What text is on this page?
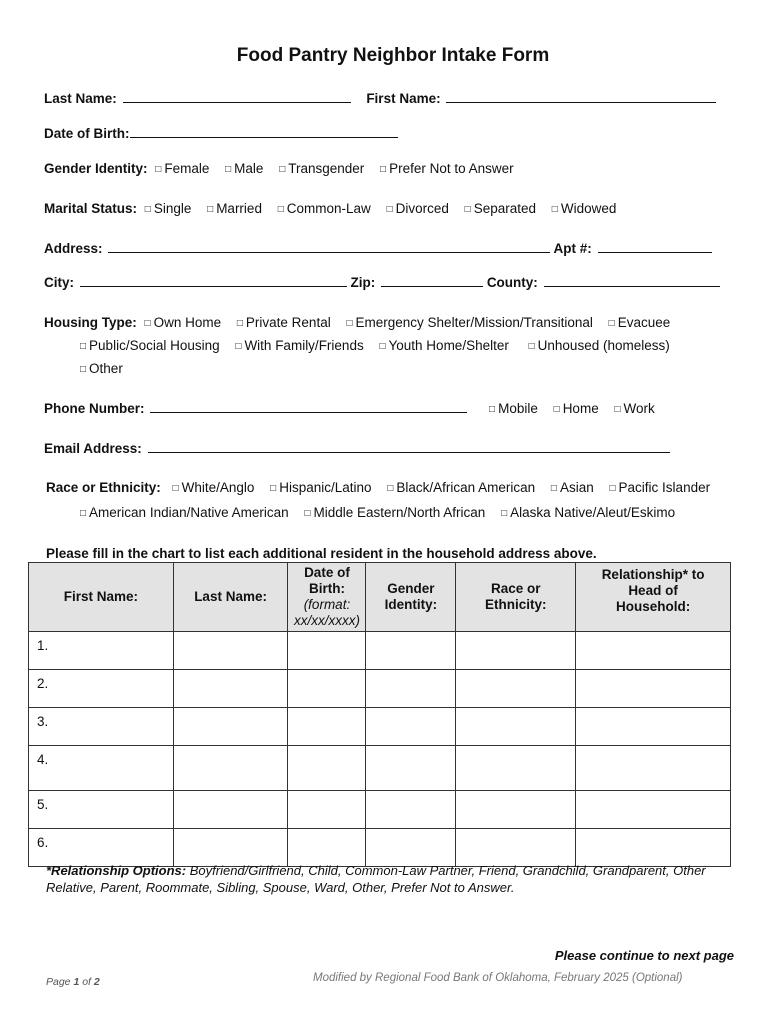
Food Pantry Neighbor Intake Form
Last Name:	First Name:
Date of Birth:
Gender Identity: □ Female □ Male □ Transgender □ Prefer Not to Answer
Marital Status: □ Single □ Married □ Common-Law □ Divorced □ Separated □ Widowed
Address:	Apt #:
City:	Zip:	County:
Housing Type: □ Own Home □ Private Rental □ Emergency Shelter/Mission/Transitional □ Evacuee
□ Public/Social Housing □ With Family/Friends □ Youth Home/Shelter □ Unhoused (homeless)
□ Other
Phone Number:	□ Mobile □ Home □ Work
Email Address:
Race or Ethnicity: □ White/Anglo □ Hispanic/Latino □ Black/African American □ Asian □ Pacific Islander
□ American Indian/Native American □ Middle Eastern/North African □ Alaska Native/Aleut/Eskimo
Please fill in the chart to list each additional resident in the household address above.
First Name:	Last Name:	Date of
Birth:
(format:
xx/xx/xxxx)	Gender
Identity:	Race or
Ethnicity:	Relationship* to
Head of
Household:
1.					
2.					
3.					
4.					
5.					
6.					
*Relationship Options: Boyfriend/Girlfriend, Child, Common-Law Partner, Friend, Grandchild, Grandparent, Other Relative, Parent, Roommate, Sibling, Spouse, Ward, Other, Prefer Not to Answer.
Please continue to next page
Page 1 of 2	Modified by Regional Food Bank of Oklahoma, February 2025 (Optional)
